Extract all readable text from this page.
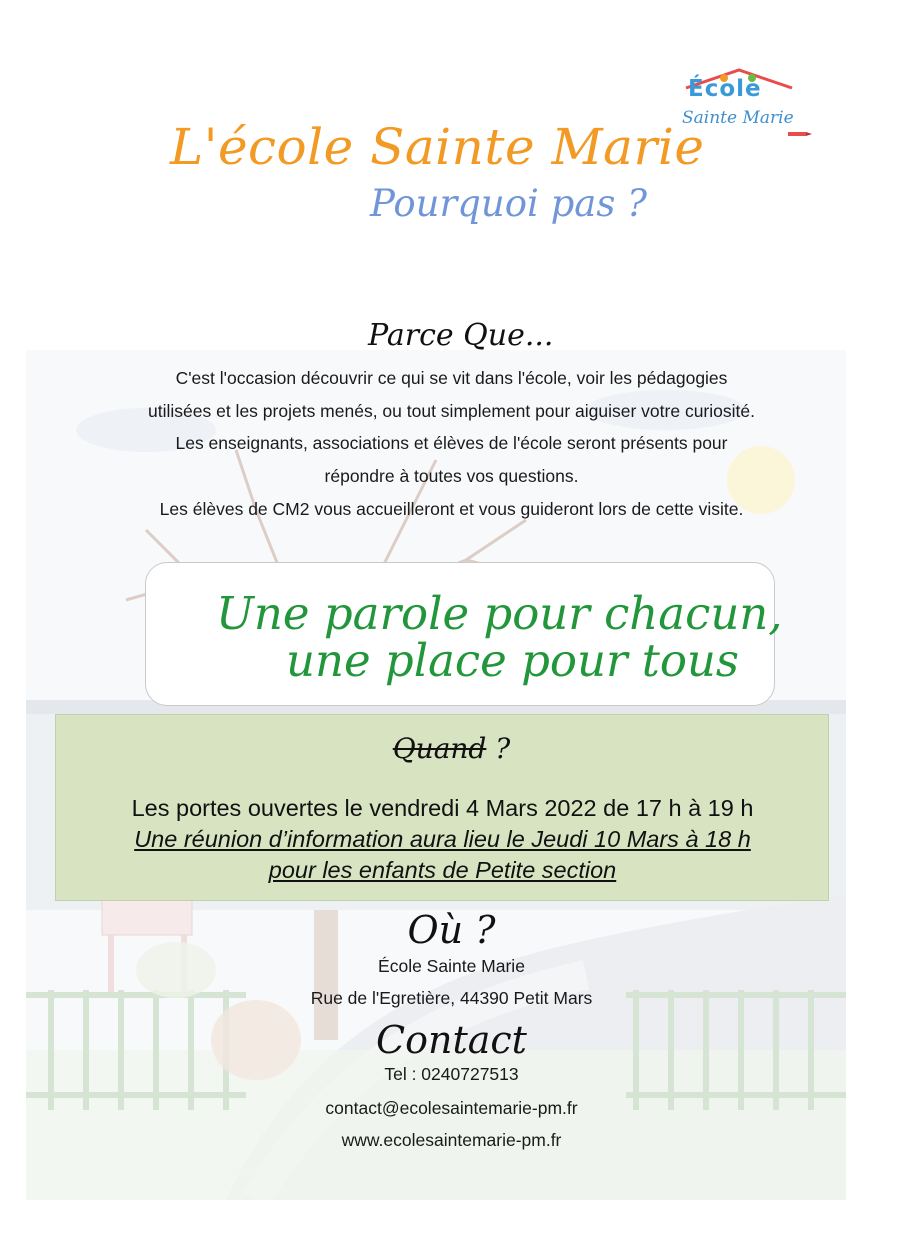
École
Sainte Marie
L'école Sainte Marie
Pourquoi pas ?
Parce Que...

C'est l'occasion découvrir ce qui se vit dans l'école, voir les pédagogies

utilisées et les projets menés, ou tout simplement pour aiguiser votre curiosité.

Les enseignants, associations et élèves de l'école seront présents pour

répondre à toutes vos questions.

Les élèves de CM2 vous accueilleront et vous guideront lors de cette visite.

Une parole pour chacun,
une place pour tous
Quand ?
Les portes ouvertes le vendredi 4 Mars 2022 de 17 h à 19 h
Une réunion d’information aura lieu le Jeudi 10 Mars à 18 h
pour les enfants de Petite section
Où ?
École Sainte Marie
Rue de l'Egretière, 44390 Petit Mars
Contact
Tel : 0240727513
contact@ecolesaintemarie-pm.fr
www.ecolesaintemarie-pm.fr
